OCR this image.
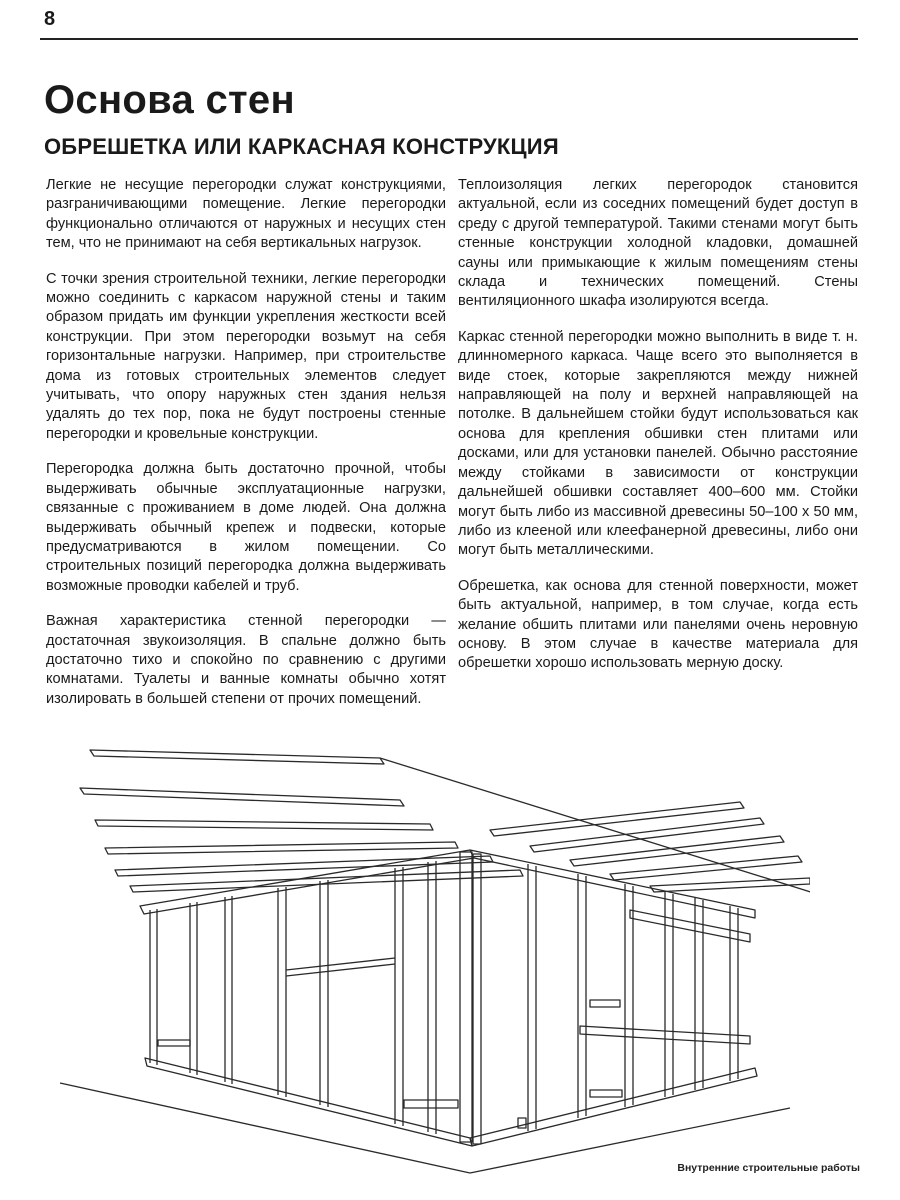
8
Основа стен
ОБРЕШЕТКА ИЛИ КАРКАСНАЯ КОНСТРУКЦИЯ

Легкие не несущие перегородки служат конструкциями, разграничивающими помещение. Легкие перегородки функционально отличаются от наружных и несущих стен тем, что не принимают на себя вертикальных нагрузок.

С точки зрения строительной техники, легкие перегородки можно соединить с каркасом наружной стены и таким образом придать им функции укрепления жесткости всей конструкции. При этом перегородки возьмут на себя горизонтальные нагрузки. Например, при строительстве дома из готовых строительных элементов следует учитывать, что опору наружных стен здания нельзя удалять до тех пор, пока не будут построены стенные перегородки и кровельные конструкции.

Перегородка должна быть достаточно прочной, чтобы выдерживать обычные эксплуатационные нагрузки, связанные с проживанием в доме людей. Она должна выдерживать обычный крепеж и подвески, которые предусматриваются в жилом помещении. Со строительных позиций перегородка должна выдерживать возможные проводки кабелей и труб.

Важная характеристика стенной перегородки — достаточная звукоизоляция. В спальне должно быть достаточно тихо и спокойно по сравнению с другими комнатами. Туалеты и ванные комнаты обычно хотят изолировать в большей степени от прочих помещений.

Теплоизоляция легких перегородок становится актуальной, если из соседних помещений будет доступ в среду с другой температурой. Такими стенами могут быть стенные конструкции холодной кладовки, домашней сауны или примыкающие к жилым помещениям стены склада и технических помещений. Стены вентиляционного шкафа изолируются всегда.

Каркас стенной перегородки можно выполнить в виде т. н. длинномерного каркаса. Чаще всего это выполняется в виде стоек, которые закрепляются между нижней направляющей на полу и верхней направляющей на потолке. В дальнейшем стойки будут использоваться как основа для крепления обшивки стен плитами или досками, или для установки панелей. Обычно расстояние между стойками в зависимости от конструкции дальнейшей обшивки составляет 400–600 мм. Стойки могут быть либо из массивной древесины 50–100 x 50 мм, либо из клееной или клеефанерной древесины, либо они могут быть металлическими.

Обрешетка, как основа для стенной поверхности, может быть актуальной, например, в том случае, когда есть желание обшить плитами или панелями очень неровную основу. В этом случае в качестве материала для обрешетки хорошо использовать мерную доску.

Внутренние строительные работы
